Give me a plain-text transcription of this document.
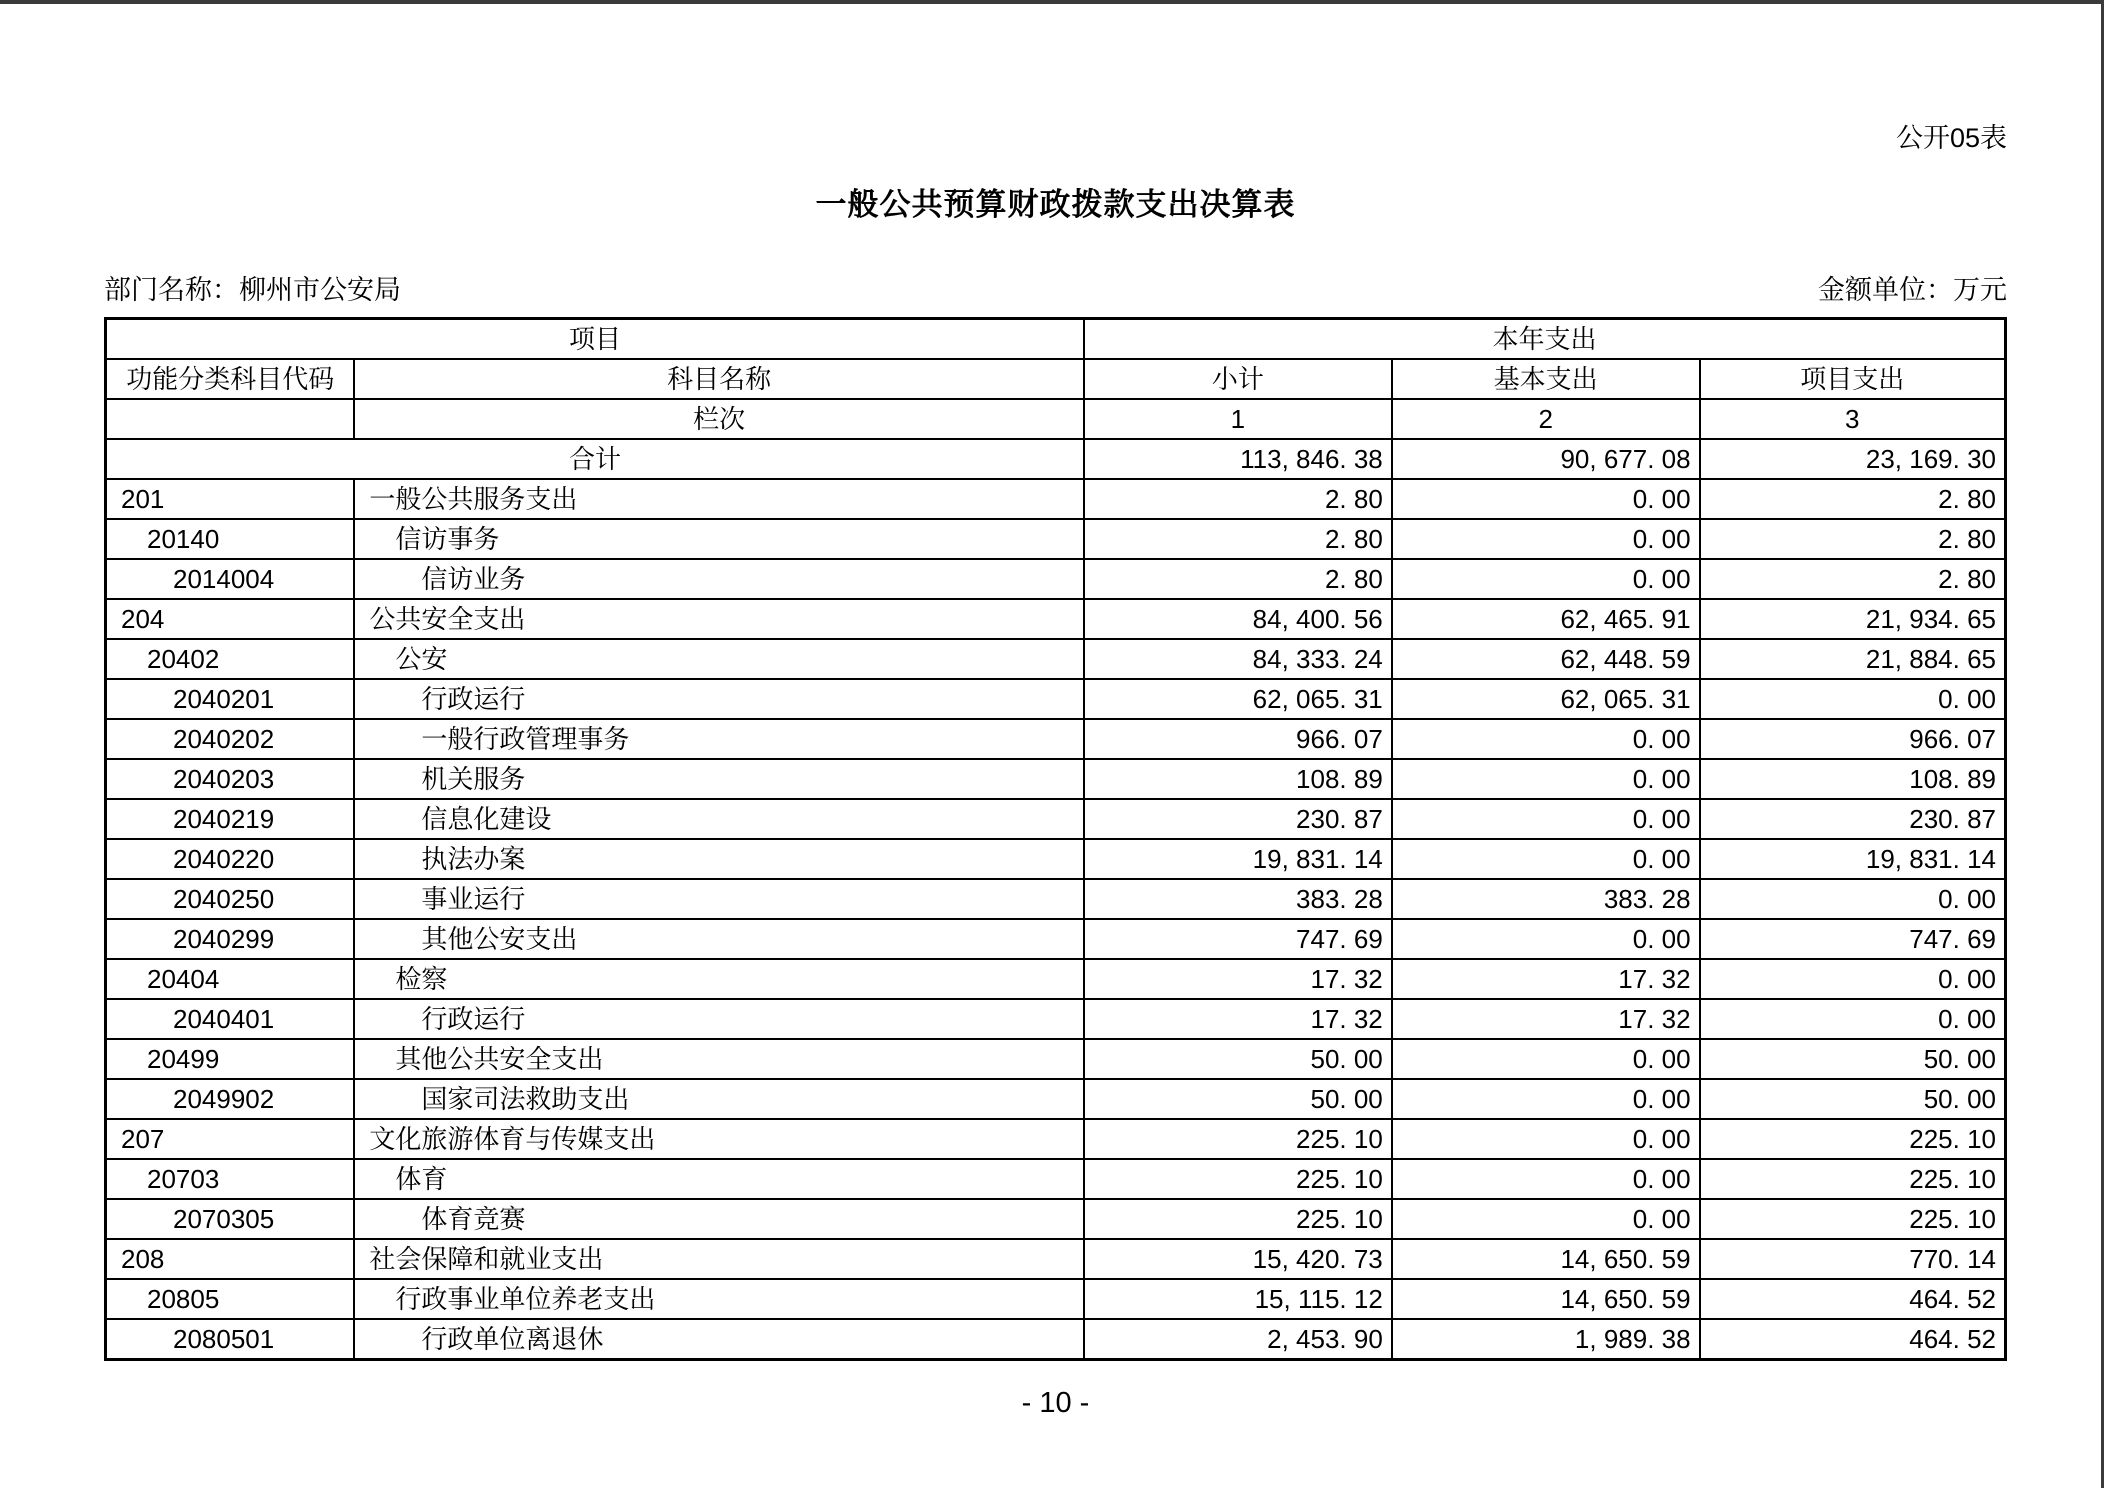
公开05表
一般公共预算财政拨款支出决算表
部门名称：柳州市公安局	金额单位：万元
项目		本年支出		
功能分类科目代码	科目名称	小计	基本支出	项目支出
	栏次	1	2	3
合计		113, 846. 38	90, 677. 08	23, 169. 30
201	一般公共服务支出	2. 80	0. 00	2. 80
20140	信访事务	2. 80	0. 00	2. 80
2014004	信访业务	2. 80	0. 00	2. 80
204	公共安全支出	84, 400. 56	62, 465. 91	21, 934. 65
20402	公安	84, 333. 24	62, 448. 59	21, 884. 65
2040201	行政运行	62, 065. 31	62, 065. 31	0. 00
2040202	一般行政管理事务	966. 07	0. 00	966. 07
2040203	机关服务	108. 89	0. 00	108. 89
2040219	信息化建设	230. 87	0. 00	230. 87
2040220	执法办案	19, 831. 14	0. 00	19, 831. 14
2040250	事业运行	383. 28	383. 28	0. 00
2040299	其他公安支出	747. 69	0. 00	747. 69
20404	检察	17. 32	17. 32	0. 00
2040401	行政运行	17. 32	17. 32	0. 00
20499	其他公共安全支出	50. 00	0. 00	50. 00
2049902	国家司法救助支出	50. 00	0. 00	50. 00
207	文化旅游体育与传媒支出	225. 10	0. 00	225. 10
20703	体育	225. 10	0. 00	225. 10
2070305	体育竞赛	225. 10	0. 00	225. 10
208	社会保障和就业支出	15, 420. 73	14, 650. 59	770. 14
20805	行政事业单位养老支出	15, 115. 12	14, 650. 59	464. 52
2080501	行政单位离退休	2, 453. 90	1, 989. 38	464. 52
- 10 -
